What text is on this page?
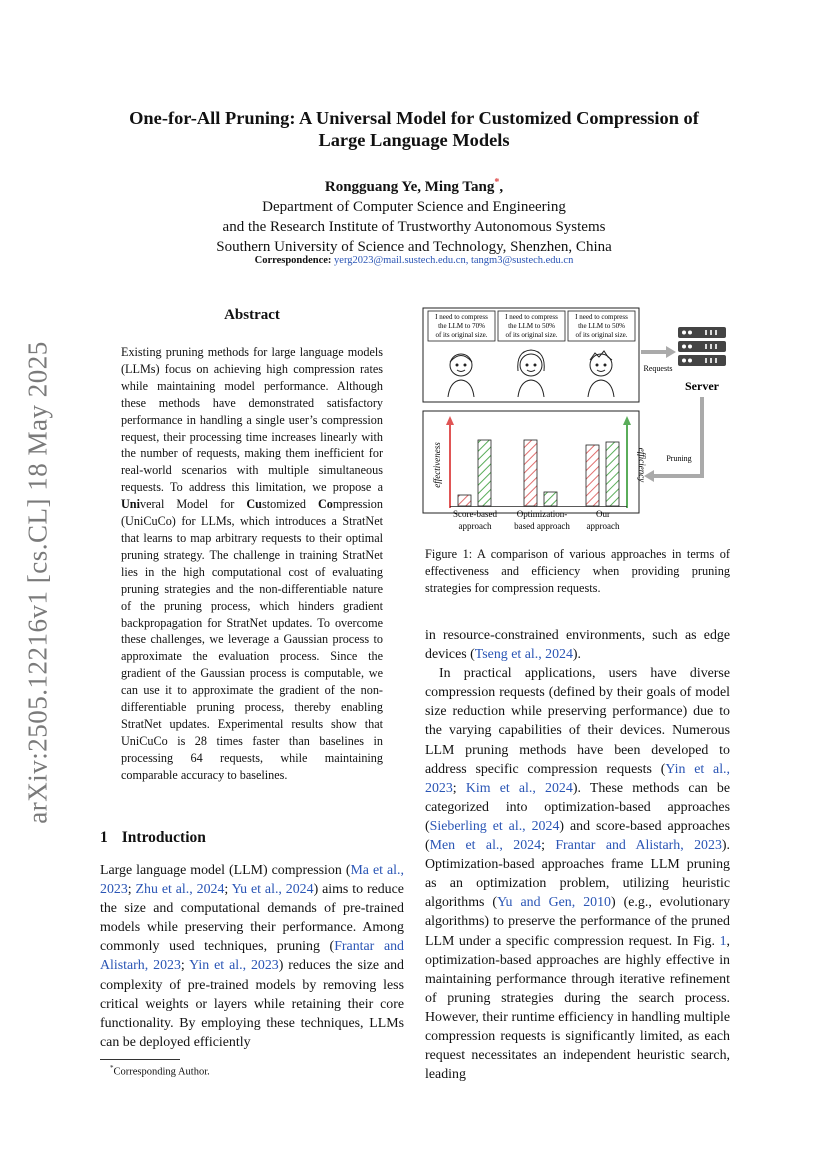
arXiv:2505.12216v1 [cs.CL] 18 May 2025
One-for-All Pruning: A Universal Model for Customized Compression of
Large Language Models
Rongguang Ye, Ming Tang*,
Department of Computer Science and Engineering
and the Research Institute of Trustworthy Autonomous Systems
Southern University of Science and Technology, Shenzhen, China
Correspondence: yerg2023@mail.sustech.edu.cn, tangm3@sustech.edu.cn
Abstract
Existing pruning methods for large language models (LLMs) focus on achieving high compression rates while maintaining model performance. Although these methods have demonstrated satisfactory performance in handling a single user’s compression request, their processing time increases linearly with the number of requests, making them inefficient for real-world scenarios with multiple simultaneous requests. To address this limitation, we propose a Univeral Model for Customized Compression (UniCuCo) for LLMs, which introduces a StratNet that learns to map arbitrary requests to their optimal pruning strategy. The challenge in training StratNet lies in the high computational cost of evaluating pruning strategies and the non-differentiable nature of the pruning process, which hinders gradient backpropagation for StratNet updates. To overcome these challenges, we leverage a Gaussian process to approximate the evaluation process. Since the gradient of the Gaussian process is computable, we can use it to approximate the gradient of the non-differentiable pruning process, thereby enabling StratNet updates. Experimental results show that UniCuCo is 28 times faster than baselines in processing 64 requests, while maintaining comparable accuracy to baselines.
1 Introduction
Large language model (LLM) compression (Ma et al., 2023; Zhu et al., 2024; Yu et al., 2024) aims to reduce the size and computational demands of pre-trained models while preserving their performance. Among commonly used techniques, pruning (Frantar and Alistarh, 2023; Yin et al., 2023) reduces the size and complexity of pre-trained models by removing less critical weights or layers while retaining their core functionality. By employing these techniques, LLMs can be deployed efficiently
I need to compress
the LLM to 70%
of its original size.
I need to compress
the LLM to 50%
of its original size.
I need to compress
the LLM to 50%
of its original size.
Server
Requests
Pruning
effectiveness	efficiency
Score-based
approach
Optimization-
based approach
Our
approach
Figure 1: A comparison of various approaches in terms of effectiveness and efficiency when providing pruning strategies for compression requests.

in resource-constrained environments, such as edge devices (Tseng et al., 2024).

In practical applications, users have diverse compression requests (defined by their goals of model size reduction while preserving performance) due to the varying capabilities of their devices. Numerous LLM pruning methods have been developed to address specific compression requests (Yin et al., 2023; Kim et al., 2024). These methods can be categorized into optimization-based approaches (Sieberling et al., 2024) and score-based approaches (Men et al., 2024; Frantar and Alistarh, 2023). Optimization-based approaches frame LLM pruning as an optimization problem, utilizing heuristic algorithms (Yu and Gen, 2010) (e.g., evolutionary algorithms) to preserve the performance of the pruned LLM under a specific compression request. In Fig. 1, optimization-based approaches are highly effective in maintaining performance through iterative refinement of pruning strategies during the search process. However, their runtime efficiency in handling multiple compression requests is significantly limited, as each request necessitates an independent heuristic search, leading

*Corresponding Author.
